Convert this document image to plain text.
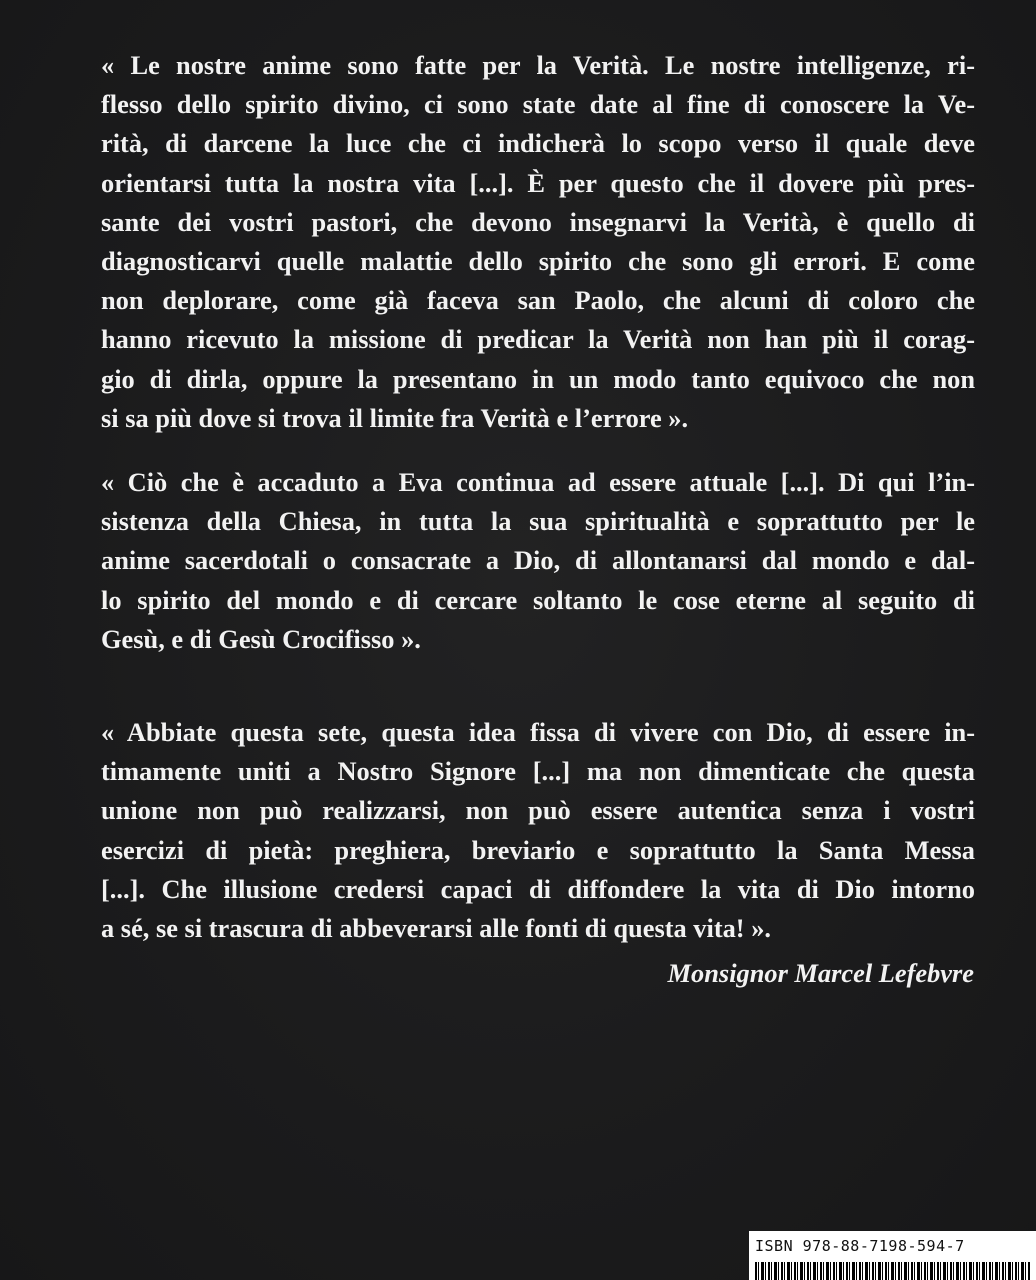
« Le nostre anime sono fatte per la Verità. Le nostre intelligenze, ri-
flesso dello spirito divino, ci sono state date al fine di conoscere la Ve-
rità, di darcene la luce che ci indicherà lo scopo verso il quale deve
orientarsi tutta la nostra vita [...]. È per questo che il dovere più pres-
sante dei vostri pastori, che devono insegnarvi la Verità, è quello di
diagnosticarvi quelle malattie dello spirito che sono gli errori. E come
non deplorare, come già faceva san Paolo, che alcuni di coloro che
hanno ricevuto la missione di predicar la Verità non han più il corag-
gio di dirla, oppure la presentano in un modo tanto equivoco che non
si sa più dove si trova il limite fra Verità e l’errore ».
« Ciò che è accaduto a Eva continua ad essere attuale [...]. Di qui l’in-
sistenza della Chiesa, in tutta la sua spiritualità e soprattutto per le
anime sacerdotali o consacrate a Dio, di allontanarsi dal mondo e dal-
lo spirito del mondo e di cercare soltanto le cose eterne al seguito di
Gesù, e di Gesù Crocifisso ».
« Abbiate questa sete, questa idea fissa di vivere con Dio, di essere in-
timamente uniti a Nostro Signore [...] ma non dimenticate che questa
unione non può realizzarsi, non può essere autentica senza i vostri
esercizi di pietà: preghiera, breviario e soprattutto la Santa Messa
[...]. Che illusione credersi capaci di diffondere la vita di Dio intorno
a sé, se si trascura di abbeverarsi alle fonti di questa vita! ».

Monsignor Marcel Lefebvre

ISBN 978-88-7198-594-7
